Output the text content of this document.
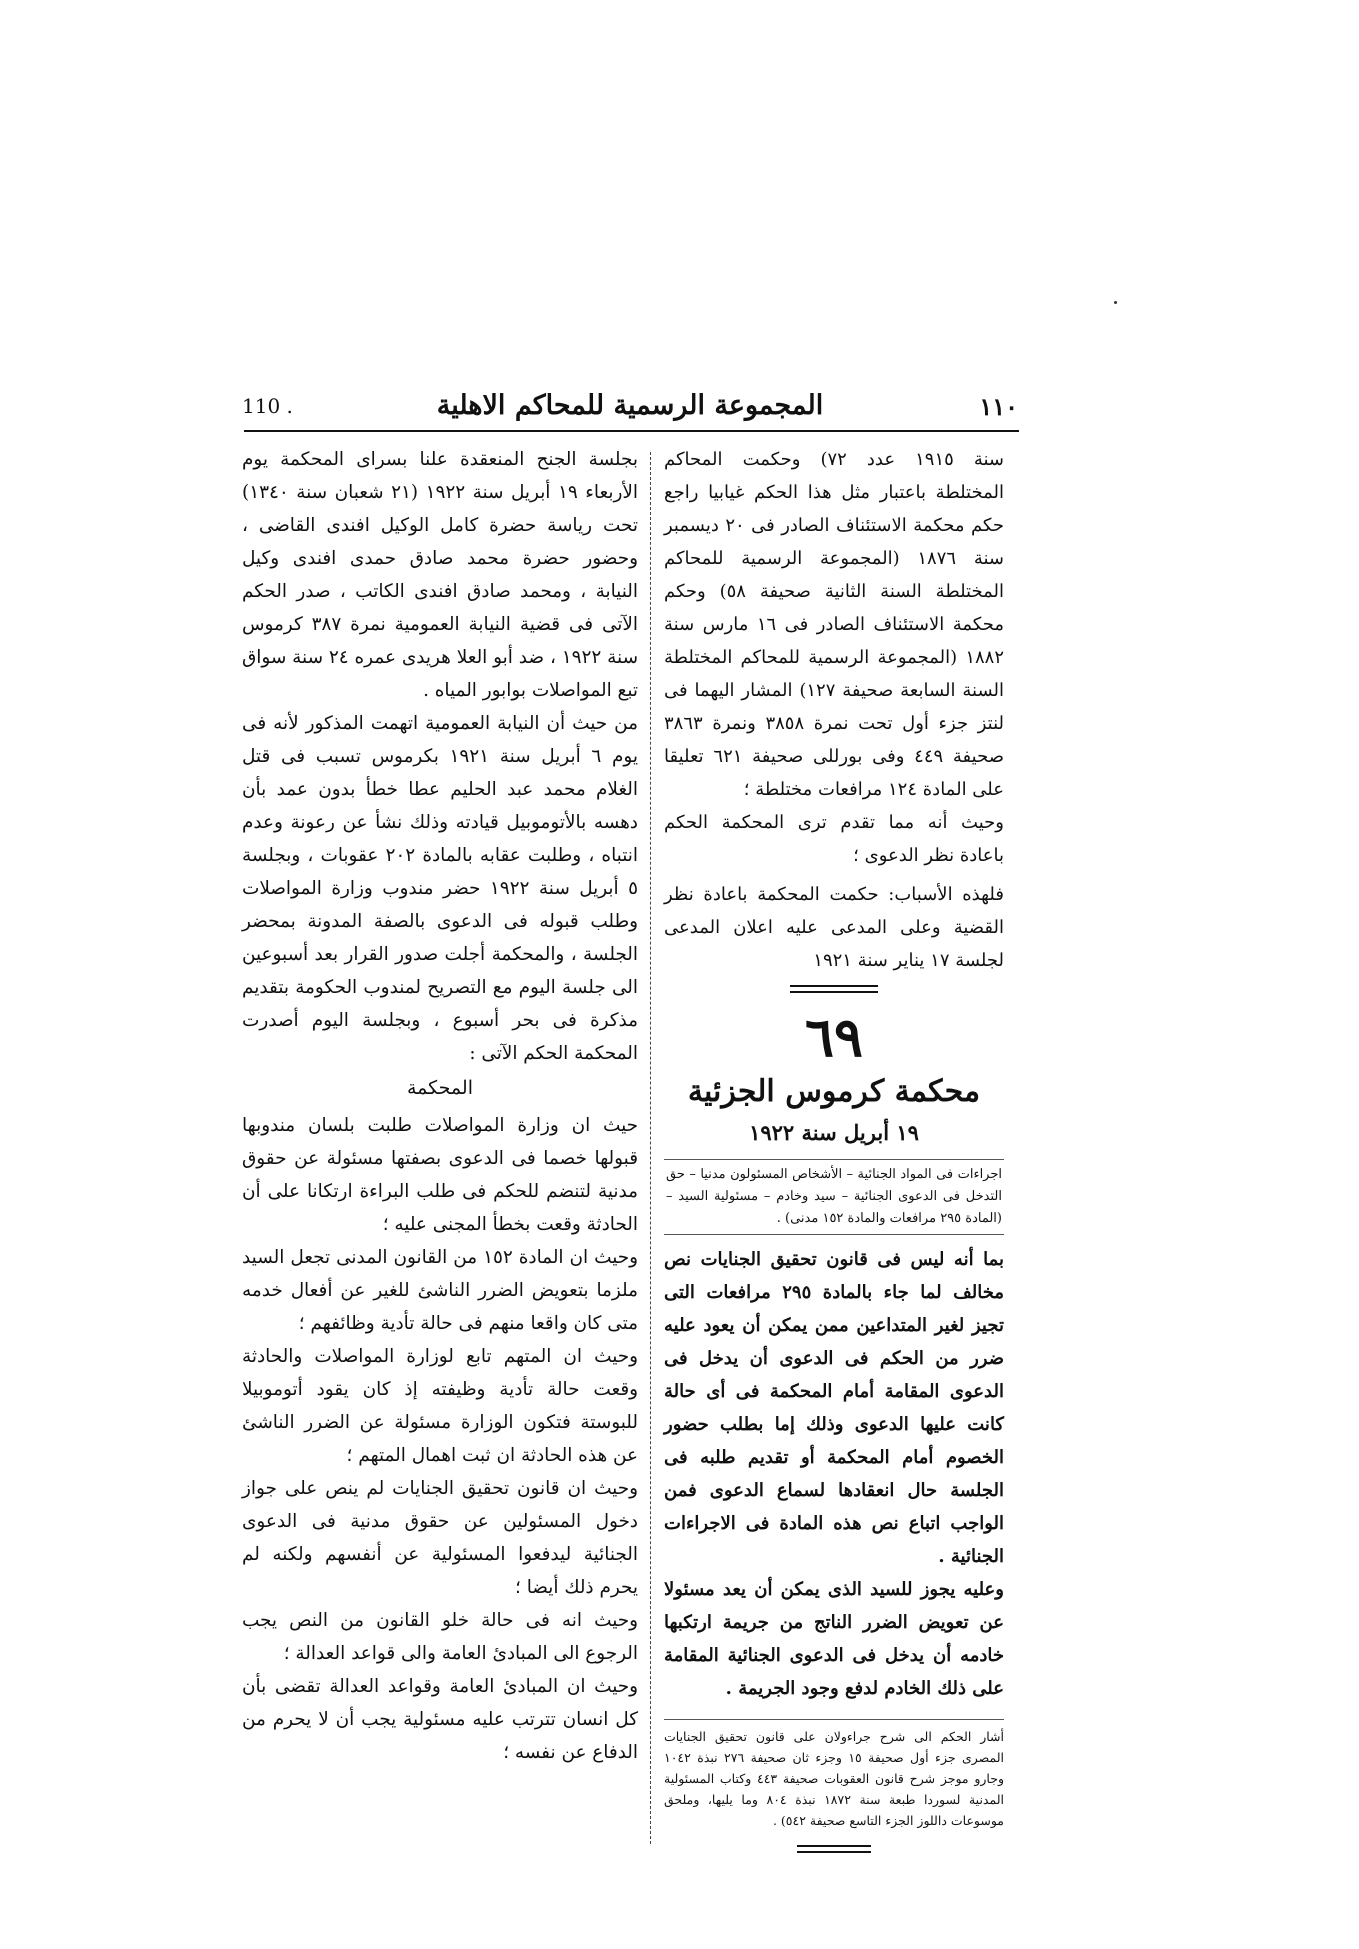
١١٠
المجموعة الرسمية للمحاكم الاهلية
110 .

سنة ١٩١٥ عدد ٧٢) وحكمت المحاكم المختلطة باعتبار مثل هذا الحكم غيابيا راجع حكم محكمة الاستئناف الصادر فى ٢٠ ديسمبر سنة ١٨٧٦ (المجموعة الرسمية للمحاكم المختلطة السنة الثانية صحيفة ٥٨) وحكم محكمة الاستئناف الصادر فى ١٦ مارس سنة ١٨٨٢ (المجموعة الرسمية للمحاكم المختلطة السنة السابعة صحيفة ١٢٧) المشار اليهما فى لنتز جزء أول تحت نمرة ٣٨٥٨ ونمرة ٣٨٦٣ صحيفة ٤٤٩ وفى بورللى صحيفة ٦٢١ تعليقا على المادة ١٢٤ مرافعات مختلطة ؛

وحيث أنه مما تقدم ترى المحكمة الحكم باعادة نظر الدعوى ؛

فلهذه الأسباب: حكمت المحكمة باعادة نظر القضية وعلى المدعى عليه اعلان المدعى لجلسة ١٧ يناير سنة ١٩٢١

٦٩
محكمة كرموس الجزئية
١٩ أبريل سنة ١٩٢٢
اجراءات فى المواد الجنائية – الأشخاص المسئولون مدنيا – حق التدخل فى الدعوى الجنائية – سيد وخادم – مسئولية السيد – (المادة ٢٩٥ مرافعات والمادة ١٥٢ مدنى) .

بما أنه ليس فى قانون تحقيق الجنايات نص مخالف لما جاء بالمادة ٢٩٥ مرافعات التى تجيز لغير المتداعين ممن يمكن أن يعود عليه ضرر من الحكم فى الدعوى أن يدخل فى الدعوى المقامة أمام المحكمة فى أى حالة كانت عليها الدعوى وذلك إما بطلب حضور الخصوم أمام المحكمة أو تقديم طلبه فى الجلسة حال انعقادها لسماع الدعوى فمن الواجب اتباع نص هذه المادة فى الاجراءات الجنائية .

وعليه يجوز للسيد الذى يمكن أن يعد مسئولا عن تعويض الضرر الناتج من جريمة ارتكبها خادمه أن يدخل فى الدعوى الجنائية المقامة على ذلك الخادم لدفع وجود الجريمة .

أشار الحكم الى شرح جراءولان على قانون تحقيق الجنايات المصرى جزء أول صحيفة ١٥ وجزء ثان صحيفة ٢٧٦ نبذة ١٠٤٢ وجارو موجز شرح قانون العقوبات صحيفة ٤٤٣ وكتاب المسئولية المدنية لسوردا طبعة سنة ١٨٧٢ نبذة ٨٠٤ وما يليها، وملحق موسوعات داللوز الجزء التاسع صحيفة ٥٤٢) .

بجلسة الجنح المنعقدة علنا بسراى المحكمة يوم الأربعاء ١٩ أبريل سنة ١٩٢٢ (٢١ شعبان سنة ١٣٤٠) تحت رياسة حضرة كامل الوكيل افندى القاضى ، وحضور حضرة محمد صادق حمدى افندى وكيل النيابة ، ومحمد صادق افندى الكاتب ، صدر الحكم الآتى فى قضية النيابة العمومية نمرة ٣٨٧ كرموس سنة ١٩٢٢ ، ضد أبو العلا هريدى عمره ٢٤ سنة سواق تبع المواصلات بوابور المياه .

من حيث أن النيابة العمومية اتهمت المذكور لأنه فى يوم ٦ أبريل سنة ١٩٢١ بكرموس تسبب فى قتل الغلام محمد عبد الحليم عطا خطأ بدون عمد بأن دهسه بالأتوموبيل قيادته وذلك نشأ عن رعونة وعدم انتباه ، وطلبت عقابه بالمادة ٢٠٢ عقوبات ، وبجلسة ٥ أبريل سنة ١٩٢٢ حضر مندوب وزارة المواصلات وطلب قبوله فى الدعوى بالصفة المدونة بمحضر الجلسة ، والمحكمة أجلت صدور القرار بعد أسبوعين الى جلسة اليوم مع التصريح لمندوب الحكومة بتقديم مذكرة فى بحر أسبوع ، وبجلسة اليوم أصدرت المحكمة الحكم الآتى :

المحكمة

حيث ان وزارة المواصلات طلبت بلسان مندوبها قبولها خصما فى الدعوى بصفتها مسئولة عن حقوق مدنية لتنضم للحكم فى طلب البراءة ارتكانا على أن الحادثة وقعت بخطأ المجنى عليه ؛

وحيث ان المادة ١٥٢ من القانون المدنى تجعل السيد ملزما بتعويض الضرر الناشئ للغير عن أفعال خدمه متى كان واقعا منهم فى حالة تأدية وظائفهم ؛

وحيث ان المتهم تابع لوزارة المواصلات والحادثة وقعت حالة تأدية وظيفته إذ كان يقود أتوموبيلا للبوستة فتكون الوزارة مسئولة عن الضرر الناشئ عن هذه الحادثة ان ثبت اهمال المتهم ؛

وحيث ان قانون تحقيق الجنايات لم ينص على جواز دخول المسئولين عن حقوق مدنية فى الدعوى الجنائية ليدفعوا المسئولية عن أنفسهم ولكنه لم يحرم ذلك أيضا ؛

وحيث انه فى حالة خلو القانون من النص يجب الرجوع الى المبادئ العامة والى قواعد العدالة ؛

وحيث ان المبادئ العامة وقواعد العدالة تقضى بأن كل انسان تترتب عليه مسئولية يجب أن لا يحرم من الدفاع عن نفسه ؛
